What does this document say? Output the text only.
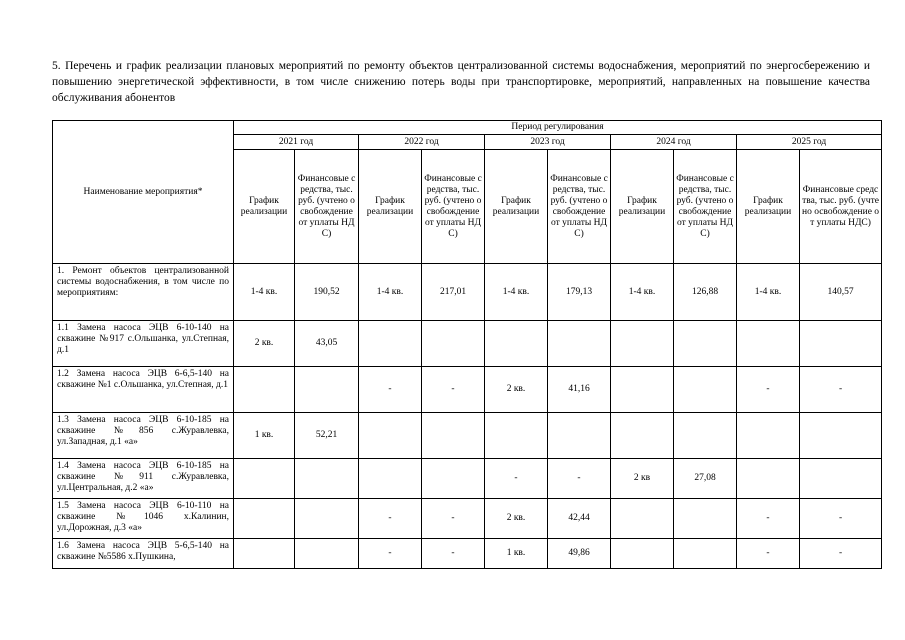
5. Перечень и график реализации плановых мероприятий по ремонту объектов централизованной системы водоснабжения, мероприятий по энергосбережению и повышению энергетической эффективности, в том числе снижению потерь воды при транспортировке, мероприятий, направленных на повышение качества обслуживания абонентов
Наименование мероприятия*	Период регулирования									
	2021 год		2022 год		2023 год		2024 год		2025 год	
	График реализации	Финансовые средства, тыс. руб. (учтено освобождение от уплаты НДС)	График реализации	Финансовые средства, тыс. руб. (учтено освобождение от уплаты НДС)	График реализации	Финансовые средства, тыс. руб. (учтено освобождение от уплаты НДС)	График реализации	Финансовые средства, тыс. руб. (учтено освобождение от уплаты НДС)	График реализации	Финансовые средства, тыс. руб. (учтено освобождение от уплаты НДС)
1. Ремонт объектов централизованной системы водоснабжения, в том числе по мероприятиям:	1-4 кв.	190,52	1-4 кв.	217,01	1-4 кв.	179,13	1-4 кв.	126,88	1-4 кв.	140,57
1.1 Замена насоса ЭЦВ 6-10-140 на скважине №917 с.Ольшанка, ул.Степная, д.1	2 кв.	43,05								
1.2 Замена насоса ЭЦВ 6-6,5-140 на скважине №1 с.Ольшанка, ул.Степная, д.1			-	-	2 кв.	41,16			-	-
1.3 Замена насоса ЭЦВ 6-10-185 на скважине №856 с.Журавлевка, ул.Западная, д.1 «а»	1 кв.	52,21								
1.4 Замена насоса ЭЦВ 6-10-185 на скважине №911 с.Журавлевка, ул.Центральная, д.2 «а»					-	-	2 кв	27,08		
1.5 Замена насоса ЭЦВ 6-10-110 на скважине №1046 х.Калинин, ул.Дорожная, д.3 «а»			-	-	2 кв.	42,44			-	-
1.6 Замена насоса ЭЦВ 5-6,5-140 на скважине №5586 х.Пушкина,			-	-	1 кв.	49,86			-	-
